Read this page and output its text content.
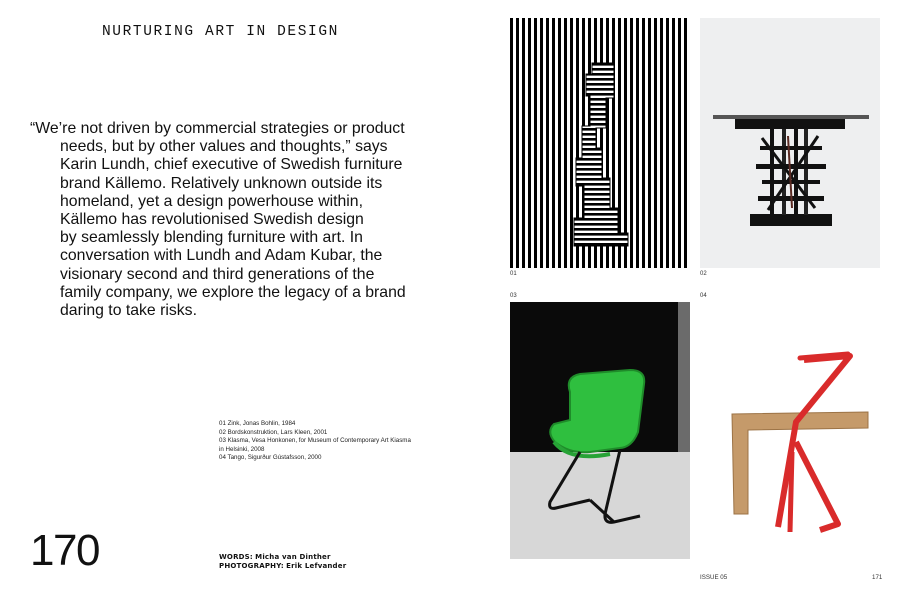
NURTURING ART IN DESIGN
“We’re not driven by commercial strategies or product
needs, but by other values and thoughts,” says
Karin Lundh, chief executive of Swedish furniture
brand Källemo. Relatively unknown outside its
homeland, yet a design powerhouse within,
Källemo has revolutionised Swedish design
by seamlessly blending furniture with art. In
conversation with Lundh and Adam Kubar, the
visionary second and third generations of the
family company, we explore the legacy of a brand
daring to take risks.
01 Zink, Jonas Bohlin, 1984
02 Bordskonstruktion, Lars Kleen, 2001
03 Klasma, Vesa Honkonen, for Museum of Contemporary Art Kiasma
in Helsinki, 2008
04 Tango, Sigurður Gústafsson, 2000
170	WORDS: Micha van Dinther
PHOTOGRAPHY: Erik Lefvander
01	02
03	04
ISSUE 05	171
